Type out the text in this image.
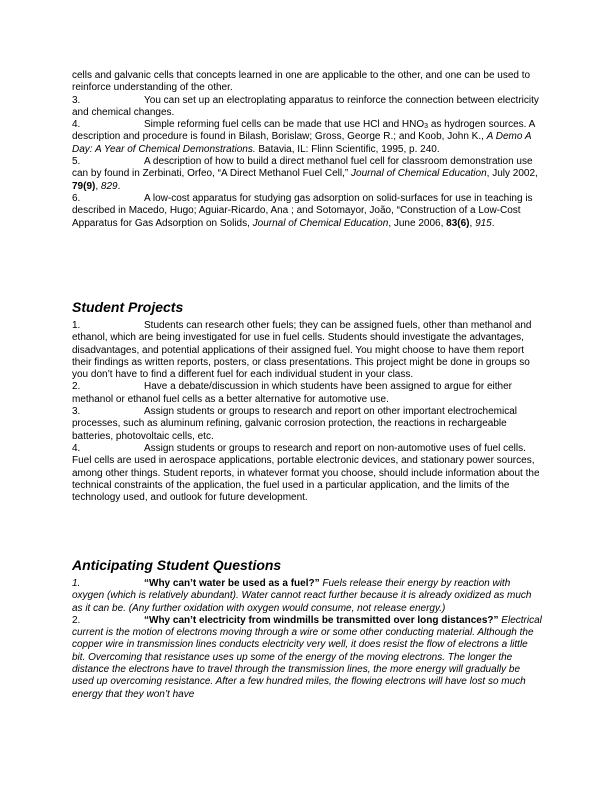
cells and galvanic cells that concepts learned in one are applicable to the other, and one can be used to reinforce understanding of the other.

3.	You can set up an electroplating apparatus to reinforce the connection between electricity and chemical changes.

4.	Simple reforming fuel cells can be made that use HCl and $HNO_3$ as hydrogen sources. A description and procedure is found in Bilash, Borislaw; Gross, George R.; and Koob, John K., A Demo A Day: A Year of Chemical Demonstrations. Batavia, IL: Flinn Scientific, 1995, p. 240.

5.	A description of how to build a direct methanol fuel cell for classroom demonstration use can by found in Zerbinati, Orfeo, “A Direct Methanol Fuel Cell,” Journal of Chemical Education, July 2002, 79(9), 829.

6.	A low-cost apparatus for studying gas adsorption on solid-surfaces for use in teaching is described in Macedo, Hugo; Aguiar-Ricardo, Ana ; and Sotomayor, João, “Construction of a Low-Cost Apparatus for Gas Adsorption on Solids, Journal of Chemical Education, June 2006, 83(6), 915.

Student Projects

1.	Students can research other fuels; they can be assigned fuels, other than methanol and ethanol, which are being investigated for use in fuel cells. Students should investigate the advantages, disadvantages, and potential applications of their assigned fuel. You might choose to have them report their findings as written reports, posters, or class presentations. This project might be done in groups so you don’t have to find a different fuel for each individual student in your class.

2.	Have a debate/discussion in which students have been assigned to argue for either methanol or ethanol fuel cells as a better alternative for automotive use.

3.	Assign students or groups to research and report on other important electrochemical processes, such as aluminum refining, galvanic corrosion protection, the reactions in rechargeable batteries, photovoltaic cells, etc.

4.	Assign students or groups to research and report on non-automotive uses of fuel cells. Fuel cells are used in aerospace applications, portable electronic devices, and stationary power sources, among other things. Student reports, in whatever format you choose, should include information about the technical constraints of the application, the fuel used in a particular application, and the limits of the technology used, and outlook for future development.

Anticipating Student Questions

1.	“Why can’t water be used as a fuel?” Fuels release their energy by reaction with oxygen (which is relatively abundant). Water cannot react further because it is already oxidized as much as it can be. (Any further oxidation with oxygen would consume, not release energy.)

2.	“Why can’t electricity from windmills be transmitted over long distances?” Electrical current is the motion of electrons moving through a wire or some other conducting material. Although the copper wire in transmission lines conducts electricity very well, it does resist the flow of electrons a little bit. Overcoming that resistance uses up some of the energy of the moving electrons. The longer the distance the electrons have to travel through the transmission lines, the more energy will gradually be used up overcoming resistance. After a few hundred miles, the flowing electrons will have lost so much energy that they won’t have
